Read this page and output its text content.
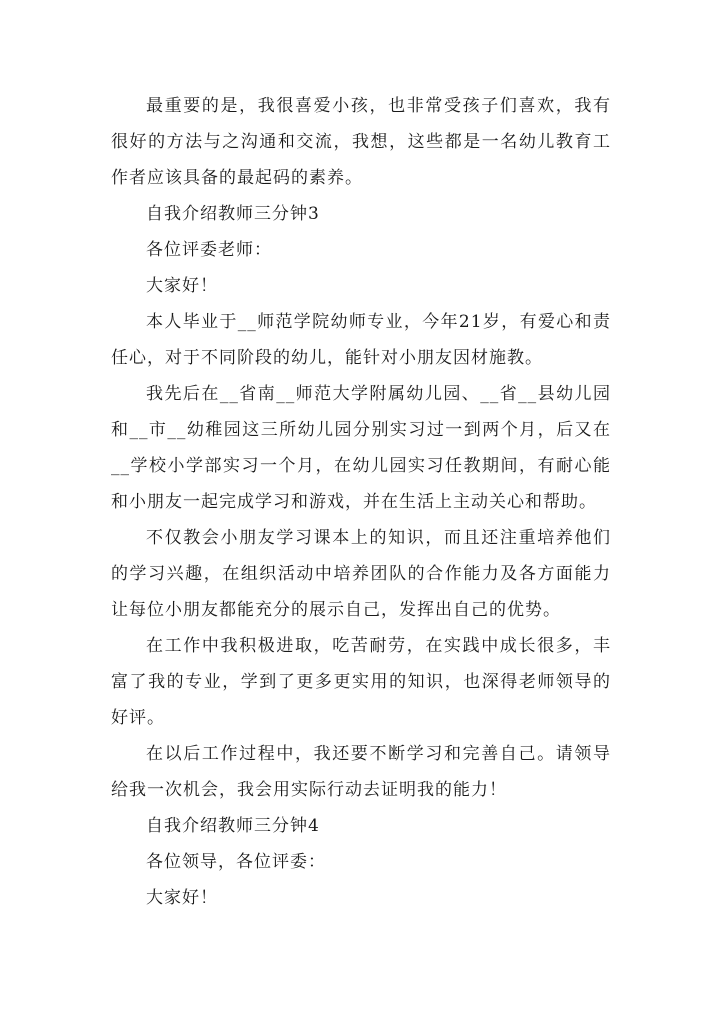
最重要的是，我很喜爱小孩，也非常受孩子们喜欢，我有很好的方法与之沟通和交流，我想，这些都是一名幼儿教育工作者应该具备的最起码的素养。

自我介绍教师三分钟3

各位评委老师：

大家好！

本人毕业于__师范学院幼师专业，今年21岁，有爱心和责任心，对于不同阶段的幼儿，能针对小朋友因材施教。

我先后在__省南__师范大学附属幼儿园、__省__县幼儿园和__市__幼稚园这三所幼儿园分别实习过一到两个月，后又在__学校小学部实习一个月，在幼儿园实习任教期间，有耐心能和小朋友一起完成学习和游戏，并在生活上主动关心和帮助。

不仅教会小朋友学习课本上的知识，而且还注重培养他们的学习兴趣，在组织活动中培养团队的合作能力及各方面能力让每位小朋友都能充分的展示自己，发挥出自己的优势。

在工作中我积极进取，吃苦耐劳，在实践中成长很多，丰富了我的专业，学到了更多更实用的知识，也深得老师领导的好评。

在以后工作过程中，我还要不断学习和完善自己。请领导给我一次机会，我会用实际行动去证明我的能力！

自我介绍教师三分钟4

各位领导，各位评委：

大家好！
